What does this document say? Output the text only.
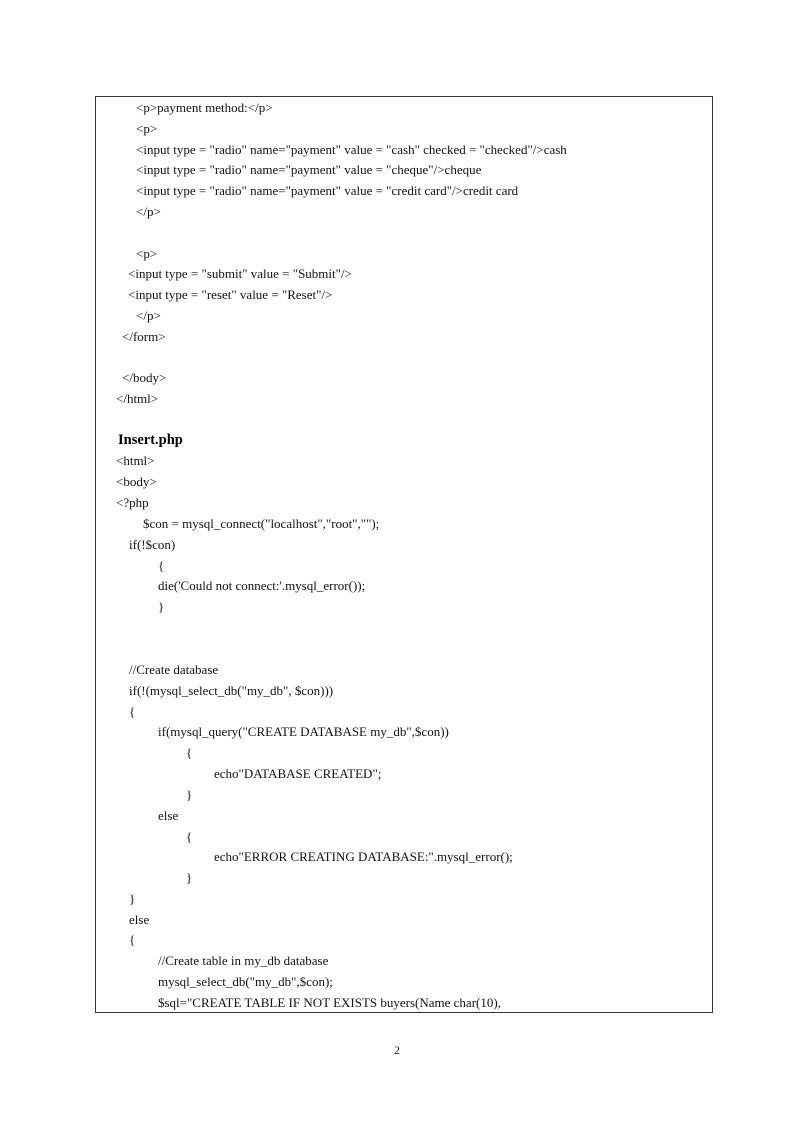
<p>payment method:</p>
<p>
<input type = "radio" name="payment" value = "cash" checked = "checked"/>cash
<input type = "radio" name="payment" value = "cheque"/>cheque
<input type = "radio" name="payment" value = "credit card"/>credit card
</p>
<p>
<input type = "submit" value = "Submit"/>
<input type = "reset" value = "Reset"/>
</p>
</form>
</body>
</html>
Insert.php
<html>
<body>
<?php
$con = mysql_connect("localhost","root","");
if(!$con)
{
die('Could not connect:'.mysql_error());
}
//Create database
if(!(mysql_select_db("my_db", $con)))
{
if(mysql_query("CREATE DATABASE my_db",$con))
{
echo"DATABASE CREATED";
}
else
{
echo"ERROR CREATING DATABASE:".mysql_error();
}
}
else
{
//Create table in my_db database
mysql_select_db("my_db",$con);
$sql="CREATE TABLE IF NOT EXISTS buyers(Name char(10),
2
